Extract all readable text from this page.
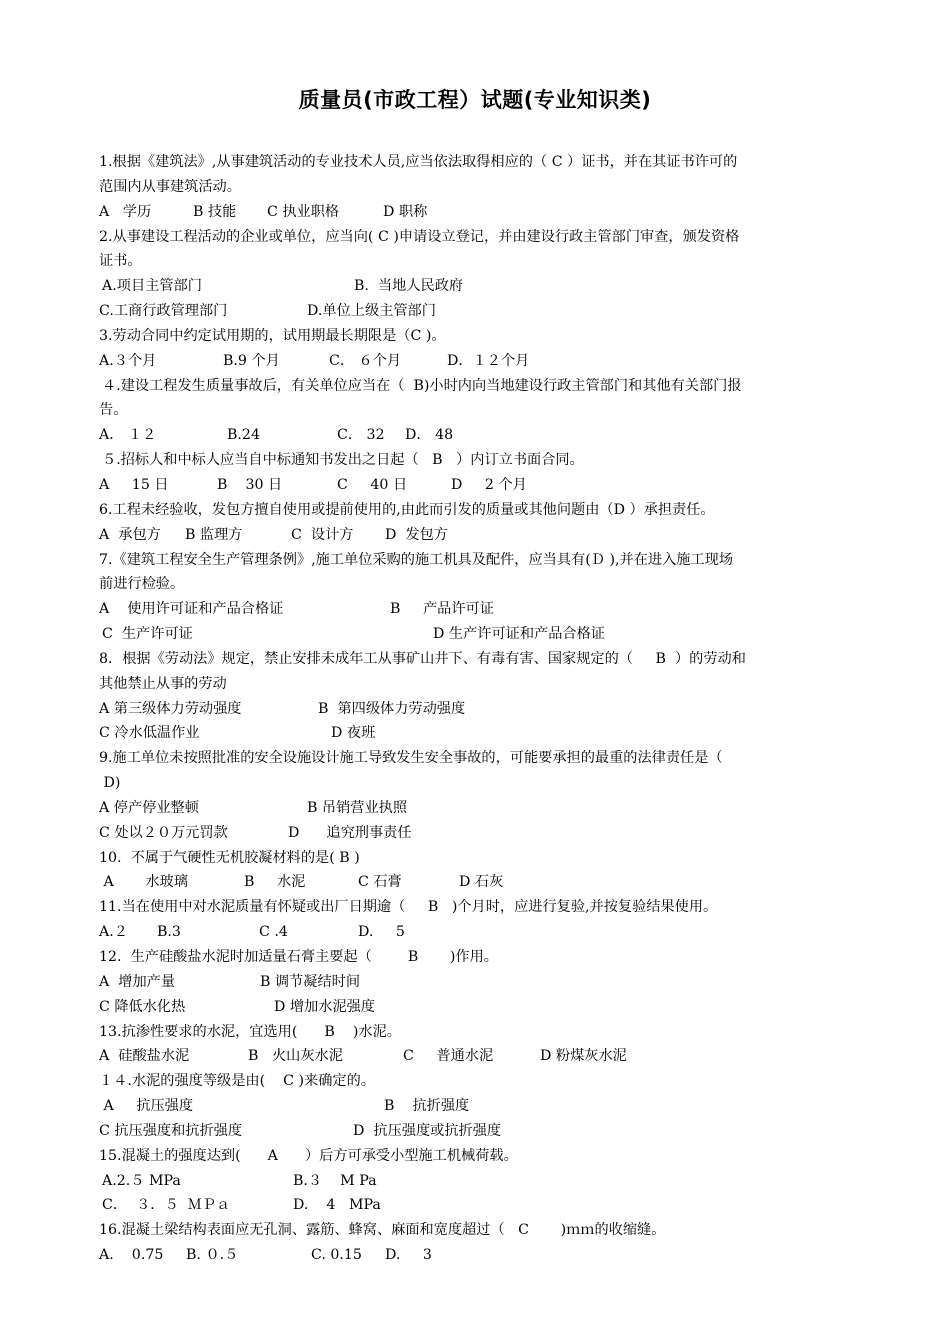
质量员(市政工程）试题(专业知识类)
1.根据《建筑法》,从事建筑活动的专业技术人员,应当依法取得相应的（ C ）证书，并在其证书许可的
范围内从事建筑活动。
A   学历	B 技能 C 执业职格	D 职称
2.从事建设工程活动的企业或单位，应当向( C )申请设立登记，并由建设行政主管部门审查，颁发资格
证书。
A.项目主管部门	B.  当地人民政府
C.工商行政管理部门	D.单位上级主管部门
3.劳动合同中约定试用期的，试用期最长期限是（C )。
A.３个月	B.9 个月	C． ６个月	D．１２个月
４.建设工程发生质量事故后，有关单位应当在（  B)小时内向当地建设行政主管部门和其他有关部门报
告。
A． １２	B.24	C． 32 D． 48
５.招标人和中标人应当自中标通知书发出之日起（   B   ）内订立书面合同。
A     15 日	B    30 日	C     40 日	D     2 个月
6.工程未经验收，发包方擅自使用或提前使用的,由此而引发的质量或其他问题由（D ）承担责任。
A  承包方 B 监理方	C  设计方 D  发包方
7.《建筑工程安全生产管理条例》,施工单位采购的施工机具及配件，应当具有(Ｄ ),并在进入施工现场
前进行检验。
A    使用许可证和产品合格证	B     产品许可证
C  生产许可证	D 生产许可证和产品合格证
8．根据《劳动法》规定，禁止安排未成年工从事矿山井下、有毒有害、国家规定的（     B  ）的劳动和
其他禁止从事的劳动
A 第三级体力劳动强度	B  第四级体力劳动强度
C 冷水低温作业	D 夜班
9.施工单位未按照批准的安全设施设计施工导致发生安全事故的，可能要承担的最重的法律责任是（
D)
A 停产停业整顿	B 吊销营业执照
C 处以２０万元罚款	D      追究刑事责任
10.  不属于气硬性无机胶凝材料的是( B )
A       水玻璃	B     水泥	C 石膏	D 石灰
11.当在使用中对水泥质量有怀疑或出厂日期逾（     B   )个月时，应进行复验,并按复验结果使用。
A.２ B.3	C .4	D.     5
12.  生产硅酸盐水泥时加适量石膏主要起（        B       )作用。
A  增加产量	B 调节凝结时间
C 降低水化热	D 增加水泥强度
13.抗渗性要求的水泥，宜选用(      B    )水泥。
A  硅酸盐水泥	B   火山灰水泥	C     普通水泥	D 粉煤灰水泥
１４.水泥的强度等级是由(    C )来确定的。
A     抗压强度	B    抗折强度
C 抗压强度和抗折强度	D  抗压强度或抗折强度
15.混凝土的强度达到(      A      ）后方可承受小型施工机械荷载。
A.2.５ MPa	B.３    M Pa
C．  ３．５  ＭＰａ	D.    4   MPa
16.混凝土梁结构表面应无孔洞、露筋、蜂窝、麻面和宽度超过（   C       )ｍｍ的收缩缝。
A.    0.75 B. ０.５	C. 0.15 D.     3
